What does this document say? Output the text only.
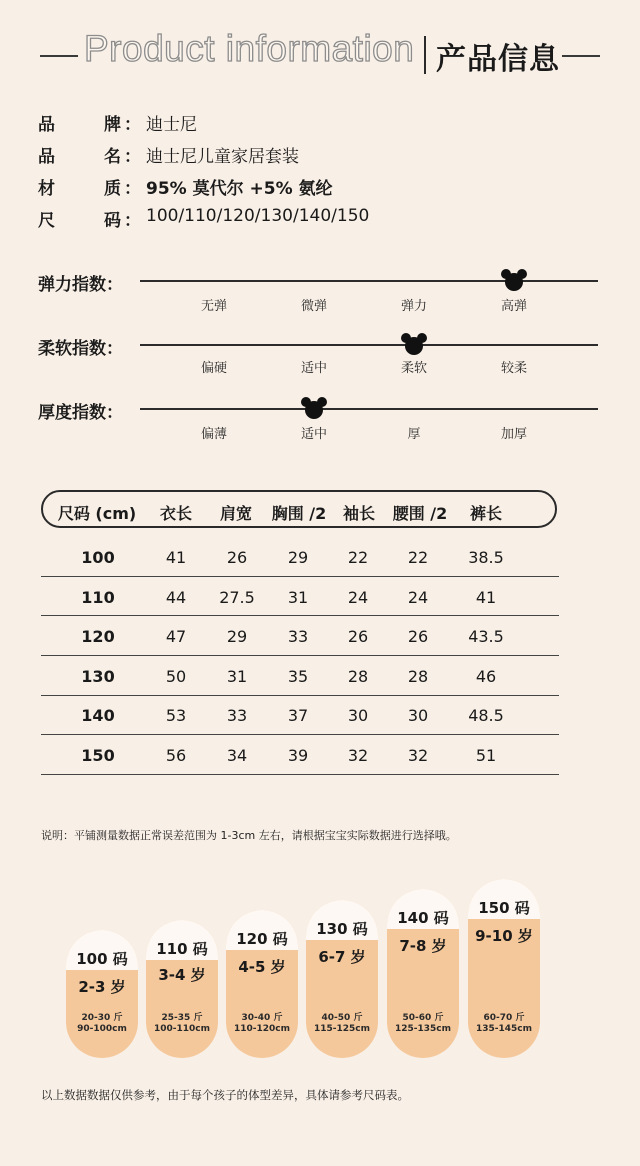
Product information 产品信息
品	牌 ： 迪士尼
品	名 ： 迪士尼儿童家居套装
材	质 ： 95% 莫代尔 +5% 氨纶
尺	码 ： 100/110/120/130/140/150
弹力指数：
无弹	微弹	弹力	高弹
柔软指数：
偏硬	适中	柔软	较柔
厚度指数：
偏薄	适中	厚	加厚
尺码 (cm) 衣长 肩宽 胸围 /2 袖长 腰围 /2 裤长
100	41	26	29 22 22	38.5
110	44 27.5 31 24 24	41
120	47	29	33 26 26	43.5
130	50	31	35 28 28	46
140	53	33	37 30 30	48.5
150	56	34	39 32 32	51
说明：平铺测量数据正常误差范围为 1-3cm 左右，请根据宝宝实际数据进行选择哦。
100 码
2-3 岁
20-30 斤
90-100cm
110 码
3-4 岁
25-35 斤
100-110cm
120 码
4-5 岁
30-40 斤
110-120cm
130 码
6-7 岁
40-50 斤
115-125cm
140 码
7-8 岁
50-60 斤
125-135cm
150 码
9-10 岁
60-70 斤
135-145cm
以上数据数据仅供参考，由于每个孩子的体型差异，具体请参考尺码表。
